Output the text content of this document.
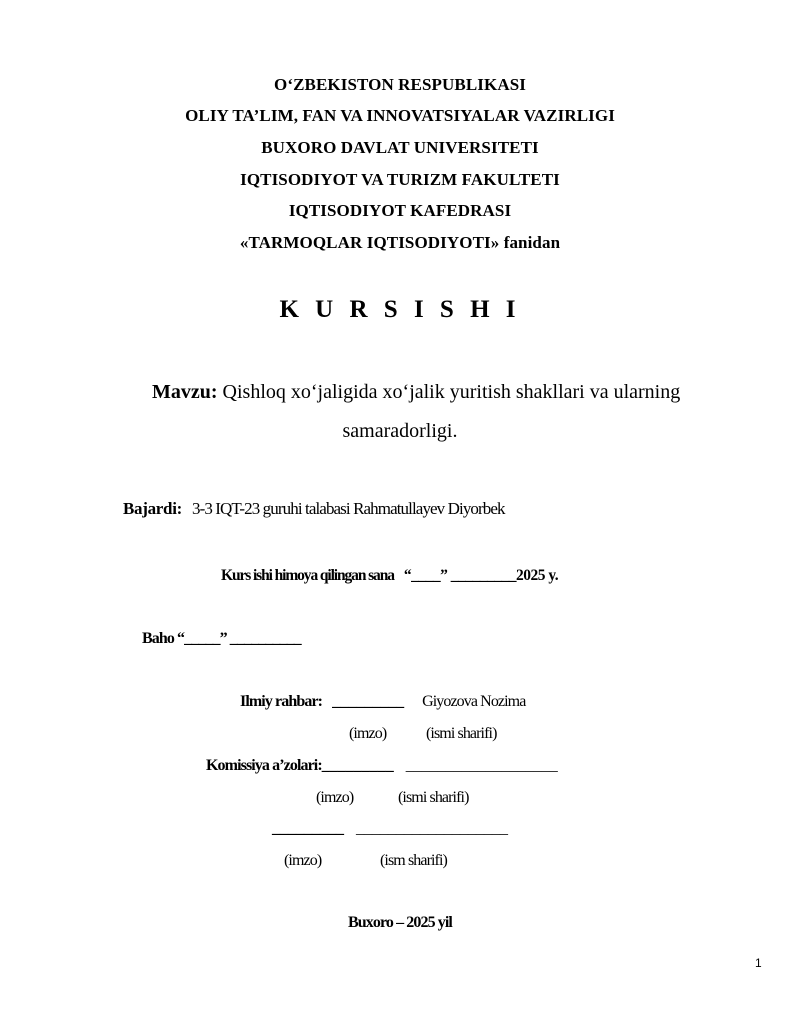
O‘ZBEKISTON RESPUBLIKASI
OLIY TA’LIM, FAN VA INNOVATSIYALAR VAZIRLIGI
BUXORO DAVLAT UNIVERSITETI
IQTISODIYOT VA TURIZM FAKULTETI
IQTISODIYOT KAFEDRASI
«TARMOQLAR IQTISODIYOTI» fanidan
K U R S I S H I
Mavzu: Qishloq xo‘jaligida xo‘jalik yuritish shakllari va ularning
samaradorligi.
Bajardi: 3-3 IQT-23 guruhi talabasi Rahmatullayev Diyorbek
Kurs ishi himoya qilingan sana “____” _________2025 y.
Baho “_____” __________
Ilmiy rahbar: _________ Giyozova Nozima
(imzo) (ismi sharifi)
Komissiya a’zolari:_________ ___________________
(imzo)	(ismi sharifi)
_________ ___________________
(imzo)	(ism sharifi)
Buxoro – 2025 yil
1
